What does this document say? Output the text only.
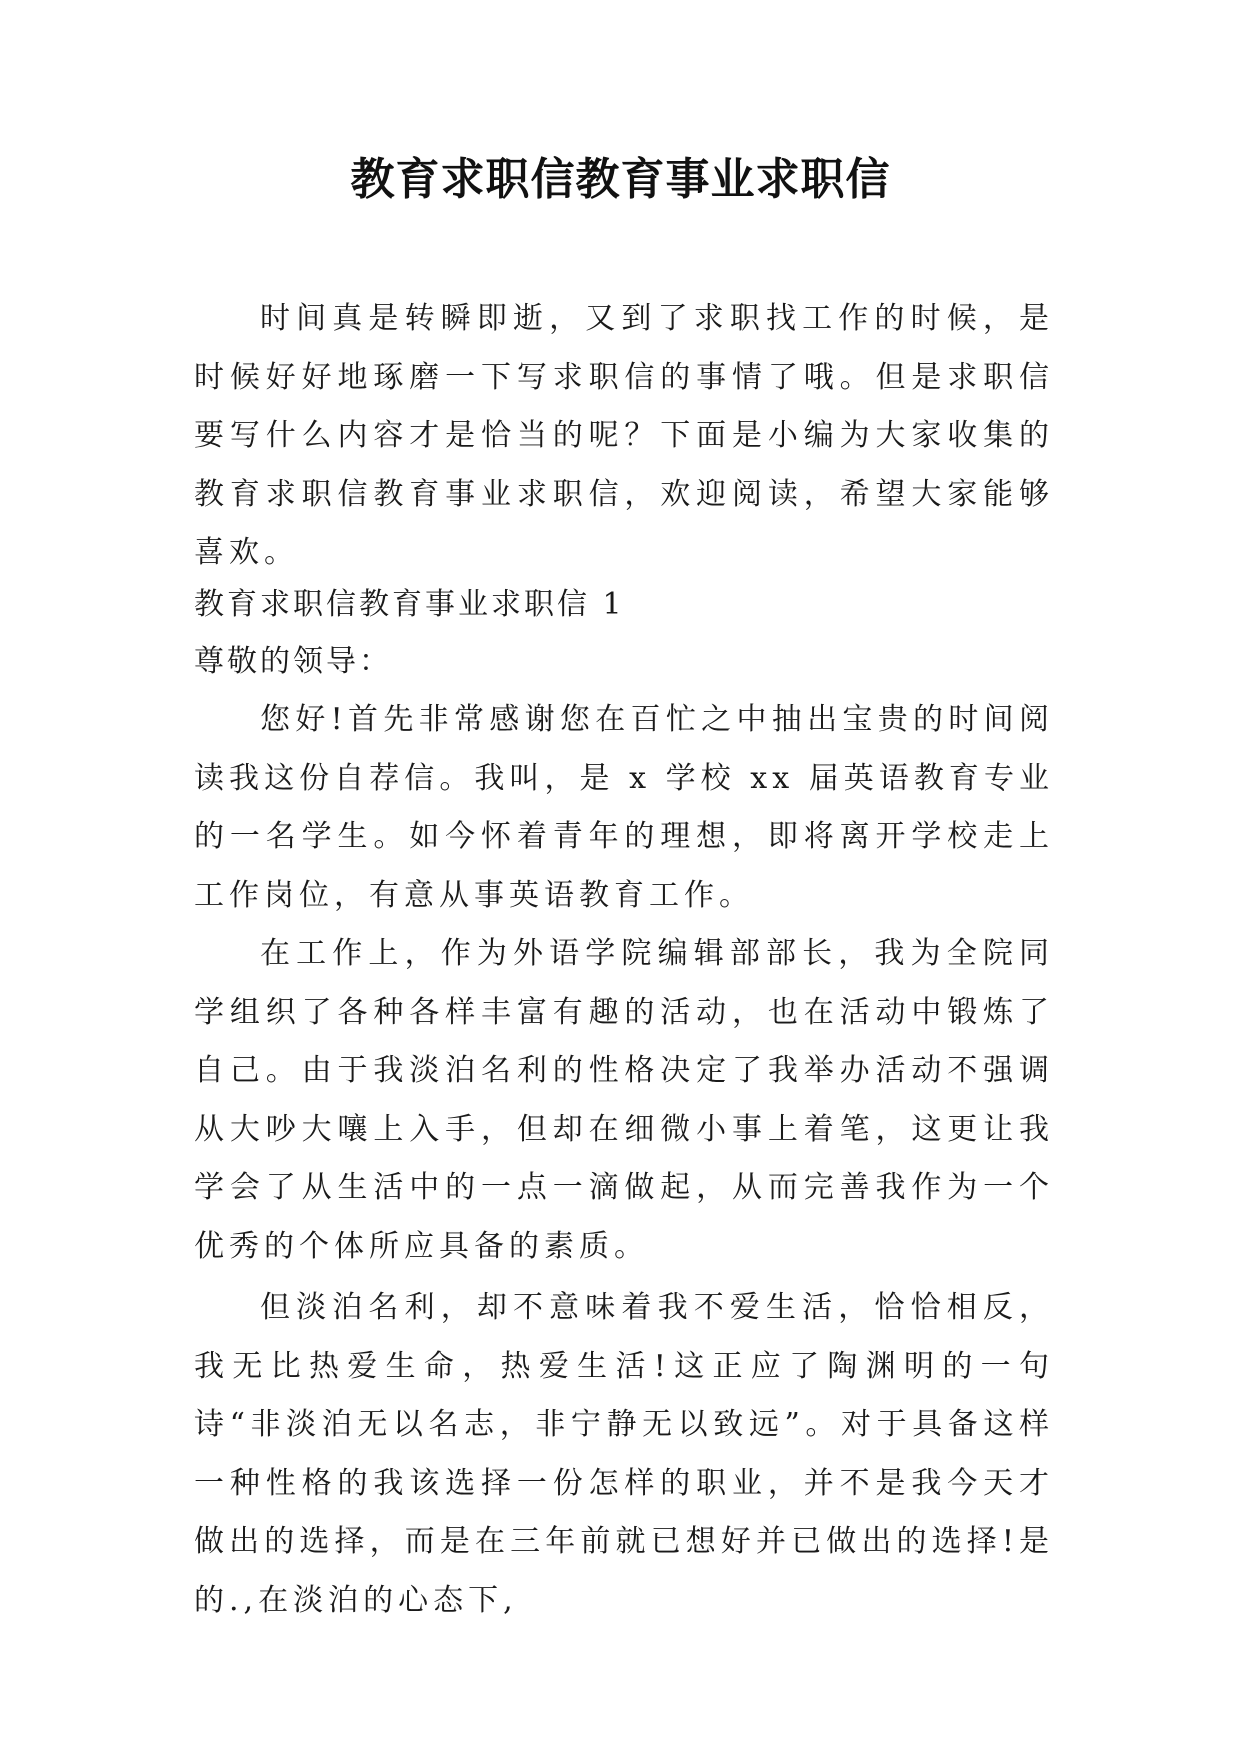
教育求职信教育事业求职信
时间真是转瞬即逝，又到了求职找工作的时候，是时候好好地琢磨一下写求职信的事情了哦。但是求职信要写什么内容才是恰当的呢？下面是小编为大家收集的教育求职信教育事业求职信，欢迎阅读，希望大家能够喜欢。
教育求职信教育事业求职信 1
尊敬的领导：
您好!首先非常感谢您在百忙之中抽出宝贵的时间阅读我这份自荐信。我叫，是 x 学校 xx 届英语教育专业的一名学生。如今怀着青年的理想，即将离开学校走上工作岗位，有意从事英语教育工作。
在工作上，作为外语学院编辑部部长，我为全院同学组织了各种各样丰富有趣的活动，也在活动中锻炼了自己。由于我淡泊名利的性格决定了我举办活动不强调从大吵大嚷上入手，但却在细微小事上着笔，这更让我学会了从生活中的一点一滴做起，从而完善我作为一个优秀的个体所应具备的素质。
但淡泊名利，却不意味着我不爱生活，恰恰相反，我无比热爱生命，热爱生活!这正应了陶渊明的一句诗“非淡泊无以名志，非宁静无以致远”。对于具备这样一种性格的我该选择一份怎样的职业，并不是我今天才做出的选择，而是在三年前就已想好并已做出的选择!是的.,在淡泊的心态下,
